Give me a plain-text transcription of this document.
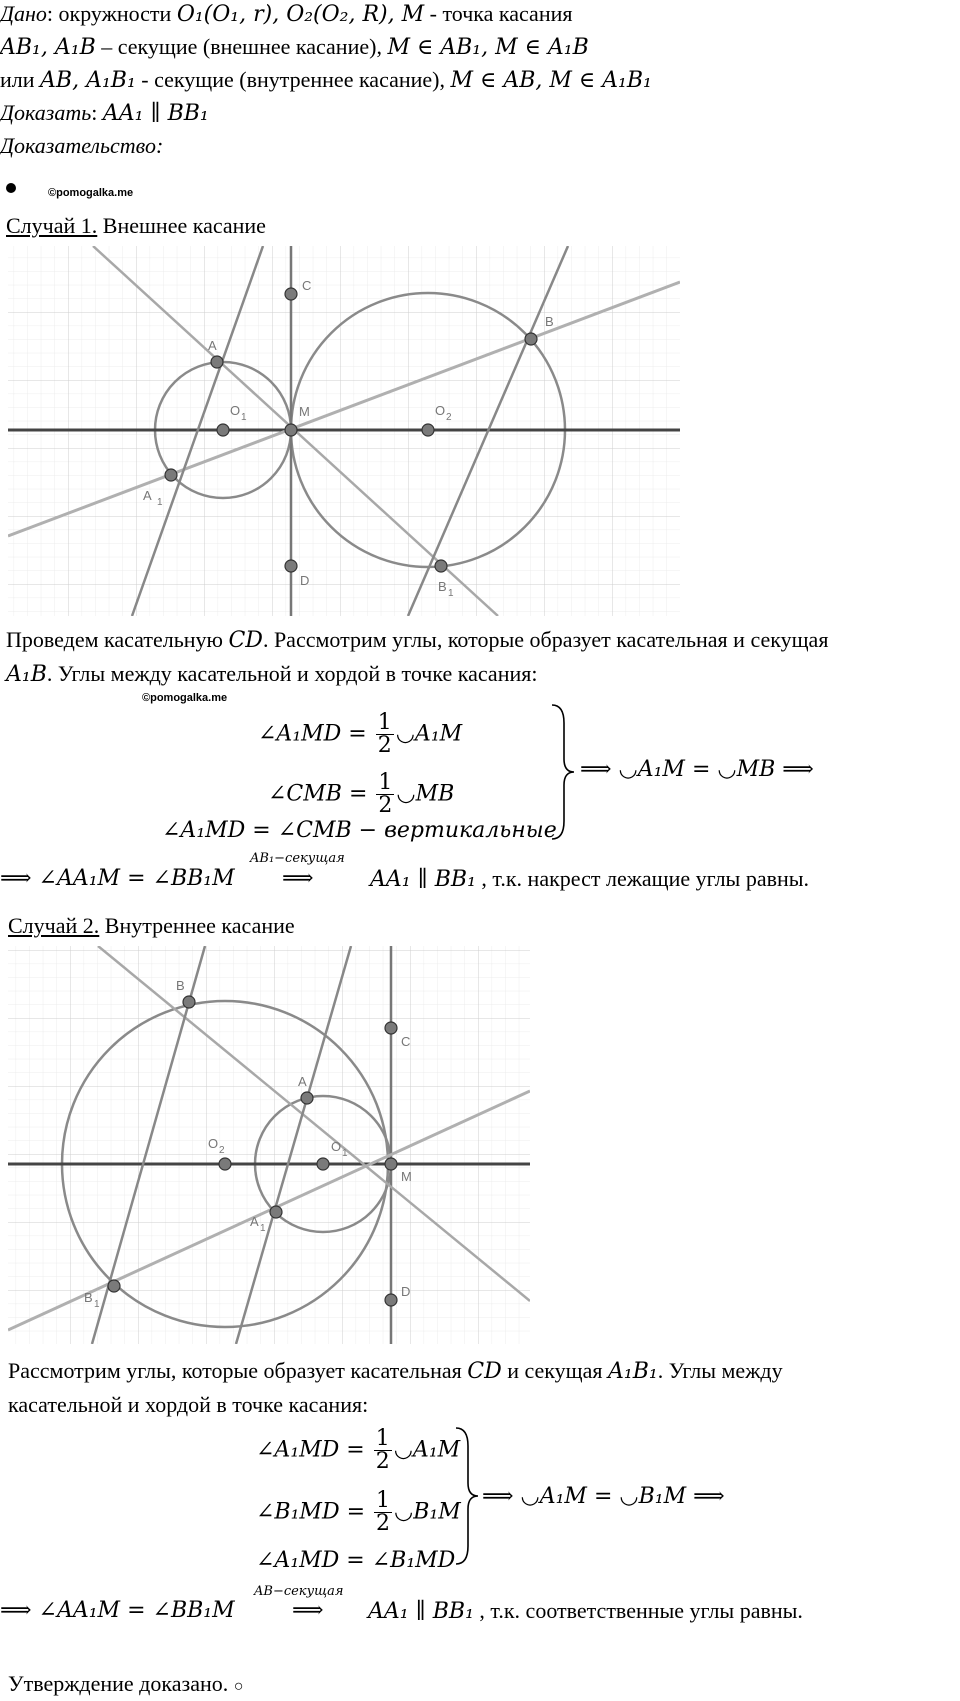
Дано: окружности 𝑂₁(𝑂₁, 𝑟), 𝑂₂(𝑂₂, 𝑅), 𝑀 - точка касания
𝐴𝐵₁, 𝐴₁𝐵 – секущие (внешнее касание), 𝑀 ∈ 𝐴𝐵₁, 𝑀 ∈ 𝐴₁𝐵
или 𝐴𝐵, 𝐴₁𝐵₁ - секущие (внутреннее касание), 𝑀 ∈ 𝐴𝐵, 𝑀 ∈ 𝐴₁𝐵₁
Доказать: 𝐴𝐴₁ ∥ 𝐵𝐵₁
Доказательство:
©pomogalka.me
Случай 1. Внешнее касание
A
A 1
O 1	M	O 2
B
B 1
C
D
Проведем касательную 𝐶𝐷. Рассмотрим углы, которые образует касательная и секущая
𝐴₁𝐵. Углы между касательной и хордой в точке касания:
©pomogalka.me
∠𝐴₁𝑀𝐷 = $\frac{1}{2}$ ◡𝐴₁𝑀
∠𝐶𝑀𝐵 = $\frac{1}{2}$ ◡𝑀𝐵
∠𝐴₁𝑀𝐷 = ∠𝐶𝑀𝐵 − вертикальные
⟹ ◡𝐴₁𝑀 = ◡𝑀𝐵 ⟹
⟹ ∠𝐴𝐴₁𝑀 = ∠𝐵𝐵₁𝑀
𝐴𝐵₁−секущая
⟹	𝐴𝐴₁ ∥ 𝐵𝐵₁ , т.к. накрест лежащие углы равны.
Случай 2. Внутреннее касание
B
A
A 1
B 1
O 2	O 1
M
C
D
Рассмотрим углы, которые образует касательная 𝐶𝐷 и секущая 𝐴₁𝐵₁. Углы между
касательной и хордой в точке касания:
∠𝐴₁𝑀𝐷 = $\frac{1}{2}$ ◡𝐴₁𝑀
∠𝐵₁𝑀𝐷 = $\frac{1}{2}$ ◡𝐵₁𝑀
∠𝐴₁𝑀𝐷 = ∠𝐵₁𝑀𝐷
⟹ ◡𝐴₁𝑀 = ◡𝐵₁𝑀 ⟹
⟹ ∠𝐴𝐴₁𝑀 = ∠𝐵𝐵₁𝑀
𝐴𝐵−секущая
⟹ 𝐴𝐴₁ ∥ 𝐵𝐵₁ , т.к. соответственные углы равны.
Утверждение доказано. ○
